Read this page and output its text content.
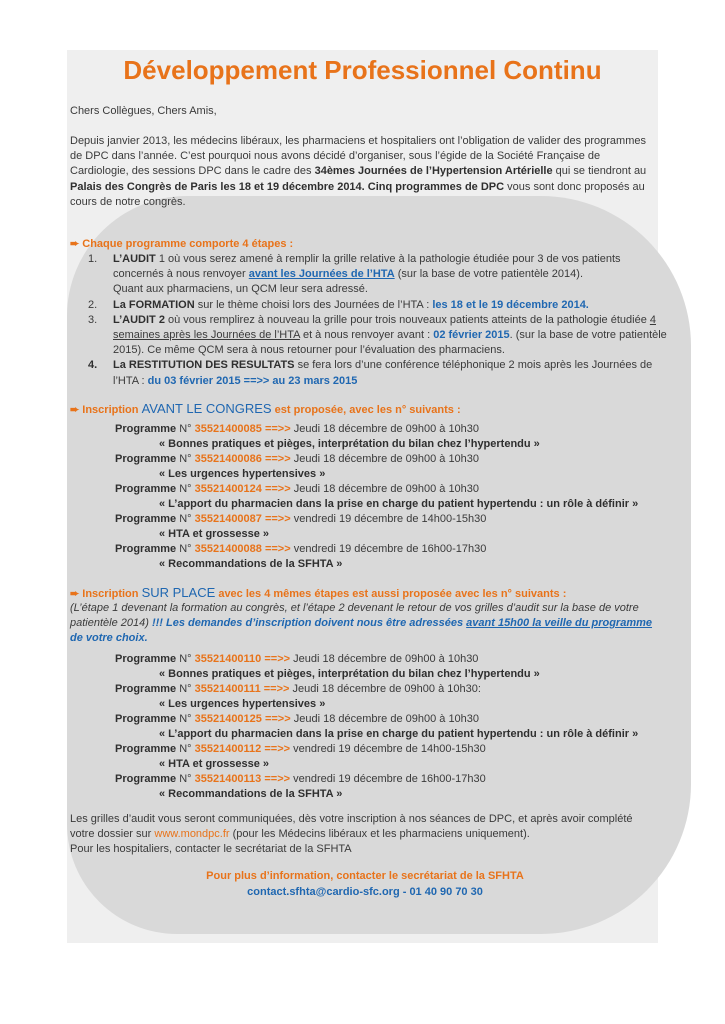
Développement Professionnel Continu

Chers Collègues, Chers Amis,

Depuis janvier 2013, les médecins libéraux, les pharmaciens et hospitaliers ont l’obligation de valider des programmes de DPC dans l’année. C’est pourquoi nous avons décidé d’organiser, sous l’égide de la Société Française de Cardiologie, des sessions DPC dans le cadre des 34èmes Journées de l’Hypertension Artérielle qui se tiendront au Palais des Congrès de Paris les 18 et 19 décembre 2014. Cinq programmes de DPC vous sont donc proposés au cours de notre congrès.

➨ Chaque programme comporte 4 étapes :

1.	L’AUDIT 1 où vous serez amené à remplir la grille relative à la pathologie étudiée pour 3 de vos patients concernés à nous renvoyer avant les Journées de l’HTA (sur la base de votre patientèle 2014).
Quant aux pharmaciens, un QCM leur sera adressé.
2.	La FORMATION sur le thème choisi lors des Journées de l’HTA : les 18 et le 19 décembre 2014.
3.	L’AUDIT 2 où vous remplirez à nouveau la grille pour trois nouveaux patients atteints de la pathologie étudiée 4 semaines après les Journées de l’HTA et à nous renvoyer avant : 02 février 2015. (sur la base de votre patientèle 2015). Ce même QCM sera à nous retourner pour l’évaluation des pharmaciens.
4.	La RESTITUTION DES RESULTATS se fera lors d’une conférence téléphonique 2 mois après les Journées de l’HTA : du 03 février 2015 ==>> au 23 mars 2015

➨ Inscription AVANT LE CONGRES est proposée, avec les n° suivants :

Programme N° 35521400085 ==>> Jeudi 18 décembre de 09h00 à 10h30
« Bonnes pratiques et pièges, interprétation du bilan chez l’hypertendu »
Programme N° 35521400086 ==>> Jeudi 18 décembre de 09h00 à 10h30
« Les urgences hypertensives »
Programme N° 35521400124 ==>> Jeudi 18 décembre de 09h00 à 10h30
« L’apport du pharmacien dans la prise en charge du patient hypertendu : un rôle à définir »
Programme N° 35521400087 ==>> vendredi 19 décembre de 14h00-15h30
« HTA et grossesse »
Programme N° 35521400088 ==>> vendredi 19 décembre de 16h00-17h30
« Recommandations de la SFHTA »

➨ Inscription SUR PLACE avec les 4 mêmes étapes est aussi proposée avec les n° suivants :

(L’étape 1 devenant la formation au congrès, et l’étape 2 devenant le retour de vos grilles d’audit sur la base de votre patientèle 2014) !!! Les demandes d’inscription doivent nous être adressées avant 15h00 la veille du programme
de votre choix.

Programme N° 35521400110 ==>> Jeudi 18 décembre de 09h00 à 10h30
« Bonnes pratiques et pièges, interprétation du bilan chez l’hypertendu »
Programme N° 35521400111 ==>> Jeudi 18 décembre de 09h00 à 10h30:
« Les urgences hypertensives »
Programme N° 35521400125 ==>> Jeudi 18 décembre de 09h00 à 10h30
« L’apport du pharmacien dans la prise en charge du patient hypertendu : un rôle à définir »
Programme N° 35521400112 ==>> vendredi 19 décembre de 14h00-15h30
« HTA et grossesse »
Programme N° 35521400113 ==>> vendredi 19 décembre de 16h00-17h30
« Recommandations de la SFHTA »

Les grilles d’audit vous seront communiquées, dès votre inscription à nos séances de DPC, et après avoir complété votre dossier sur www.mondpc.fr (pour les Médecins libéraux et les pharmaciens uniquement).
Pour les hospitaliers, contacter le secrétariat de la SFHTA

Pour plus d’information, contacter le secrétariat de la SFHTA
contact.sfhta@cardio-sfc.org - 01 40 90 70 30
